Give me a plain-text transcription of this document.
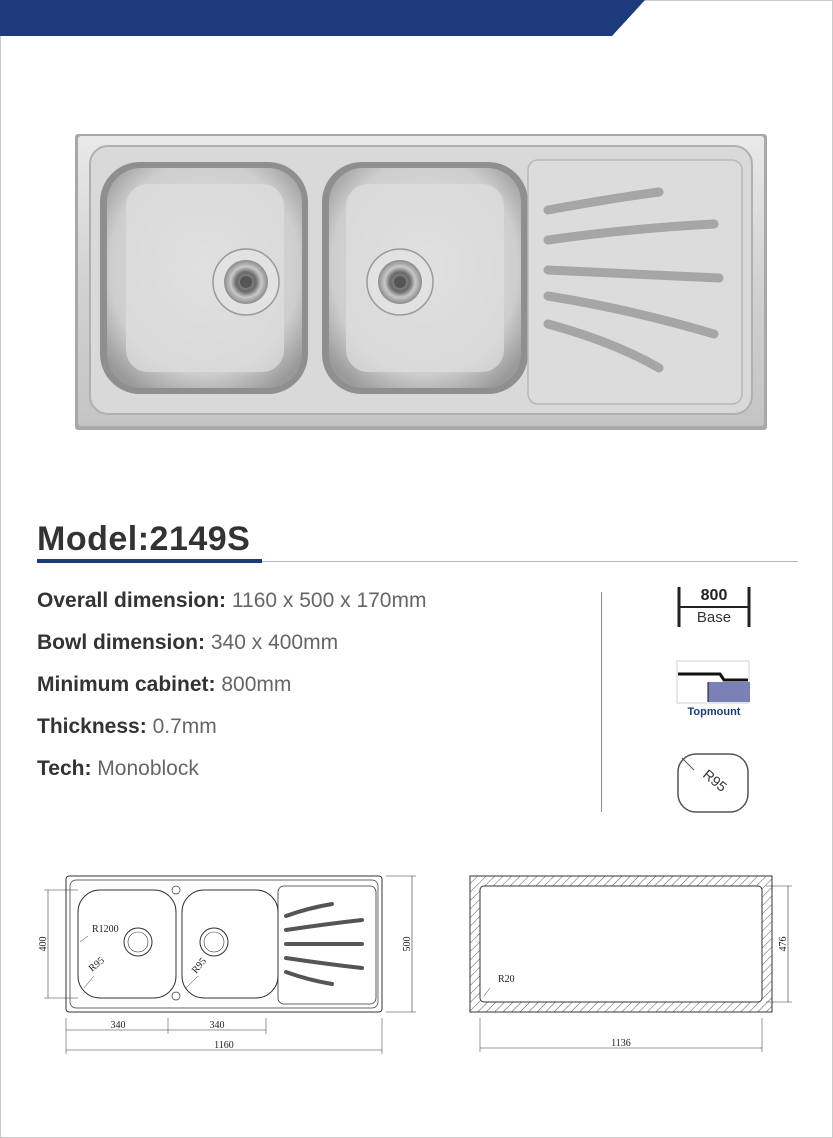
Model:2149S
Overall dimension: 1160 x 500 x 170mm
Bowl dimension: 340 x 400mm
Minimum cabinet: 800mm
Thickness: 0.7mm
Tech: Monoblock
800
Base
Topmount
R95
340	340
1160
400	500
R1200
R95	R95
1136
476
R20
